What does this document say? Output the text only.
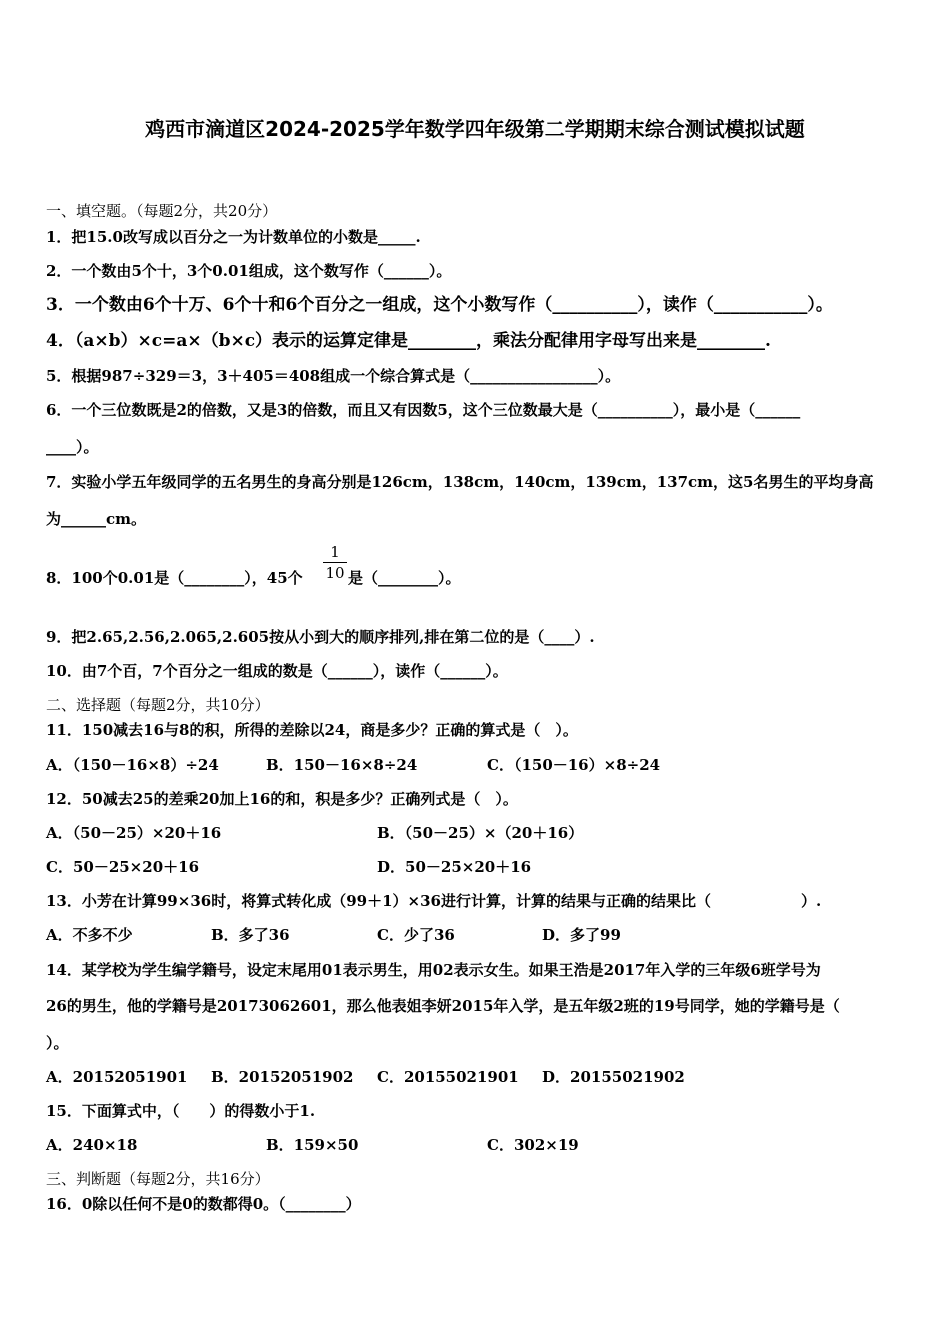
鸡西市滴道区2024-2025学年数学四年级第二学期期末综合测试模拟试题
一、填空题。（每题2分，共20分）
1．把15.0改写成以百分之一为计数单位的小数是_____.
2．一个数由5个十，3个0.01组成，这个数写作（______）。
3．一个数由6个十万、6个十和6个百分之一组成，这个小数写作（__________），读作（___________）。
4．（a×b）×c=a×（b×c）表示的运算定律是________，乘法分配律用字母写出来是________.
5．根据987÷329＝3，3＋405＝408组成一个综合算式是（_________________）。
6．一个三位数既是2的倍数，又是3的倍数，而且又有因数5，这个三位数最大是（__________），最小是（______
____）。
7．实验小学五年级同学的五名男生的身高分别是126cm，138cm，140cm，139cm，137cm，这5名男生的平均身高
为______cm。
8．100个0.01是（________），45个 $\frac{1}{10}$ 是（________）。
9．把2.65,2.56,2.065,2.605按从小到大的顺序排列,排在第二位的是（____）.
10．由7个百，7个百分之一组成的数是（______），读作（______）。
二、选择题（每题2分，共10分）
11．150减去16与8的积，所得的差除以24，商是多少？正确的算式是（　）。
A．（150－16×8）÷24	B．150－16×8÷24	C．（150－16）×8÷24
12．50减去25的差乘20加上16的和，积是多少？正确列式是（　）。
A．（50－25）×20＋16	B．（50－25）×（20＋16）
C．50－25×20＋16	D．50－25×20＋16
13．小芳在计算99×36时，将算式转化成（99＋1）×36进行计算，计算的结果与正确的结果比（　　　　　　）.
A．不多不少	B．多了36	C．少了36	D．多了99
14．某学校为学生编学籍号，设定末尾用01表示男生，用02表示女生。如果王浩是2017年入学的三年级6班学号为
26的男生，他的学籍号是20173062601，那么他表姐李妍2015年入学，是五年级2班的19号同学，她的学籍号是（
）。
A．20152051901 B．20152051902 C．20155021901 D．20155021902
15．下面算式中，（　　）的得数小于1.
A．240×18	B．159×50	C．302×19
三、判断题（每题2分，共16分）
16．0除以任何不是0的数都得0。（________）
